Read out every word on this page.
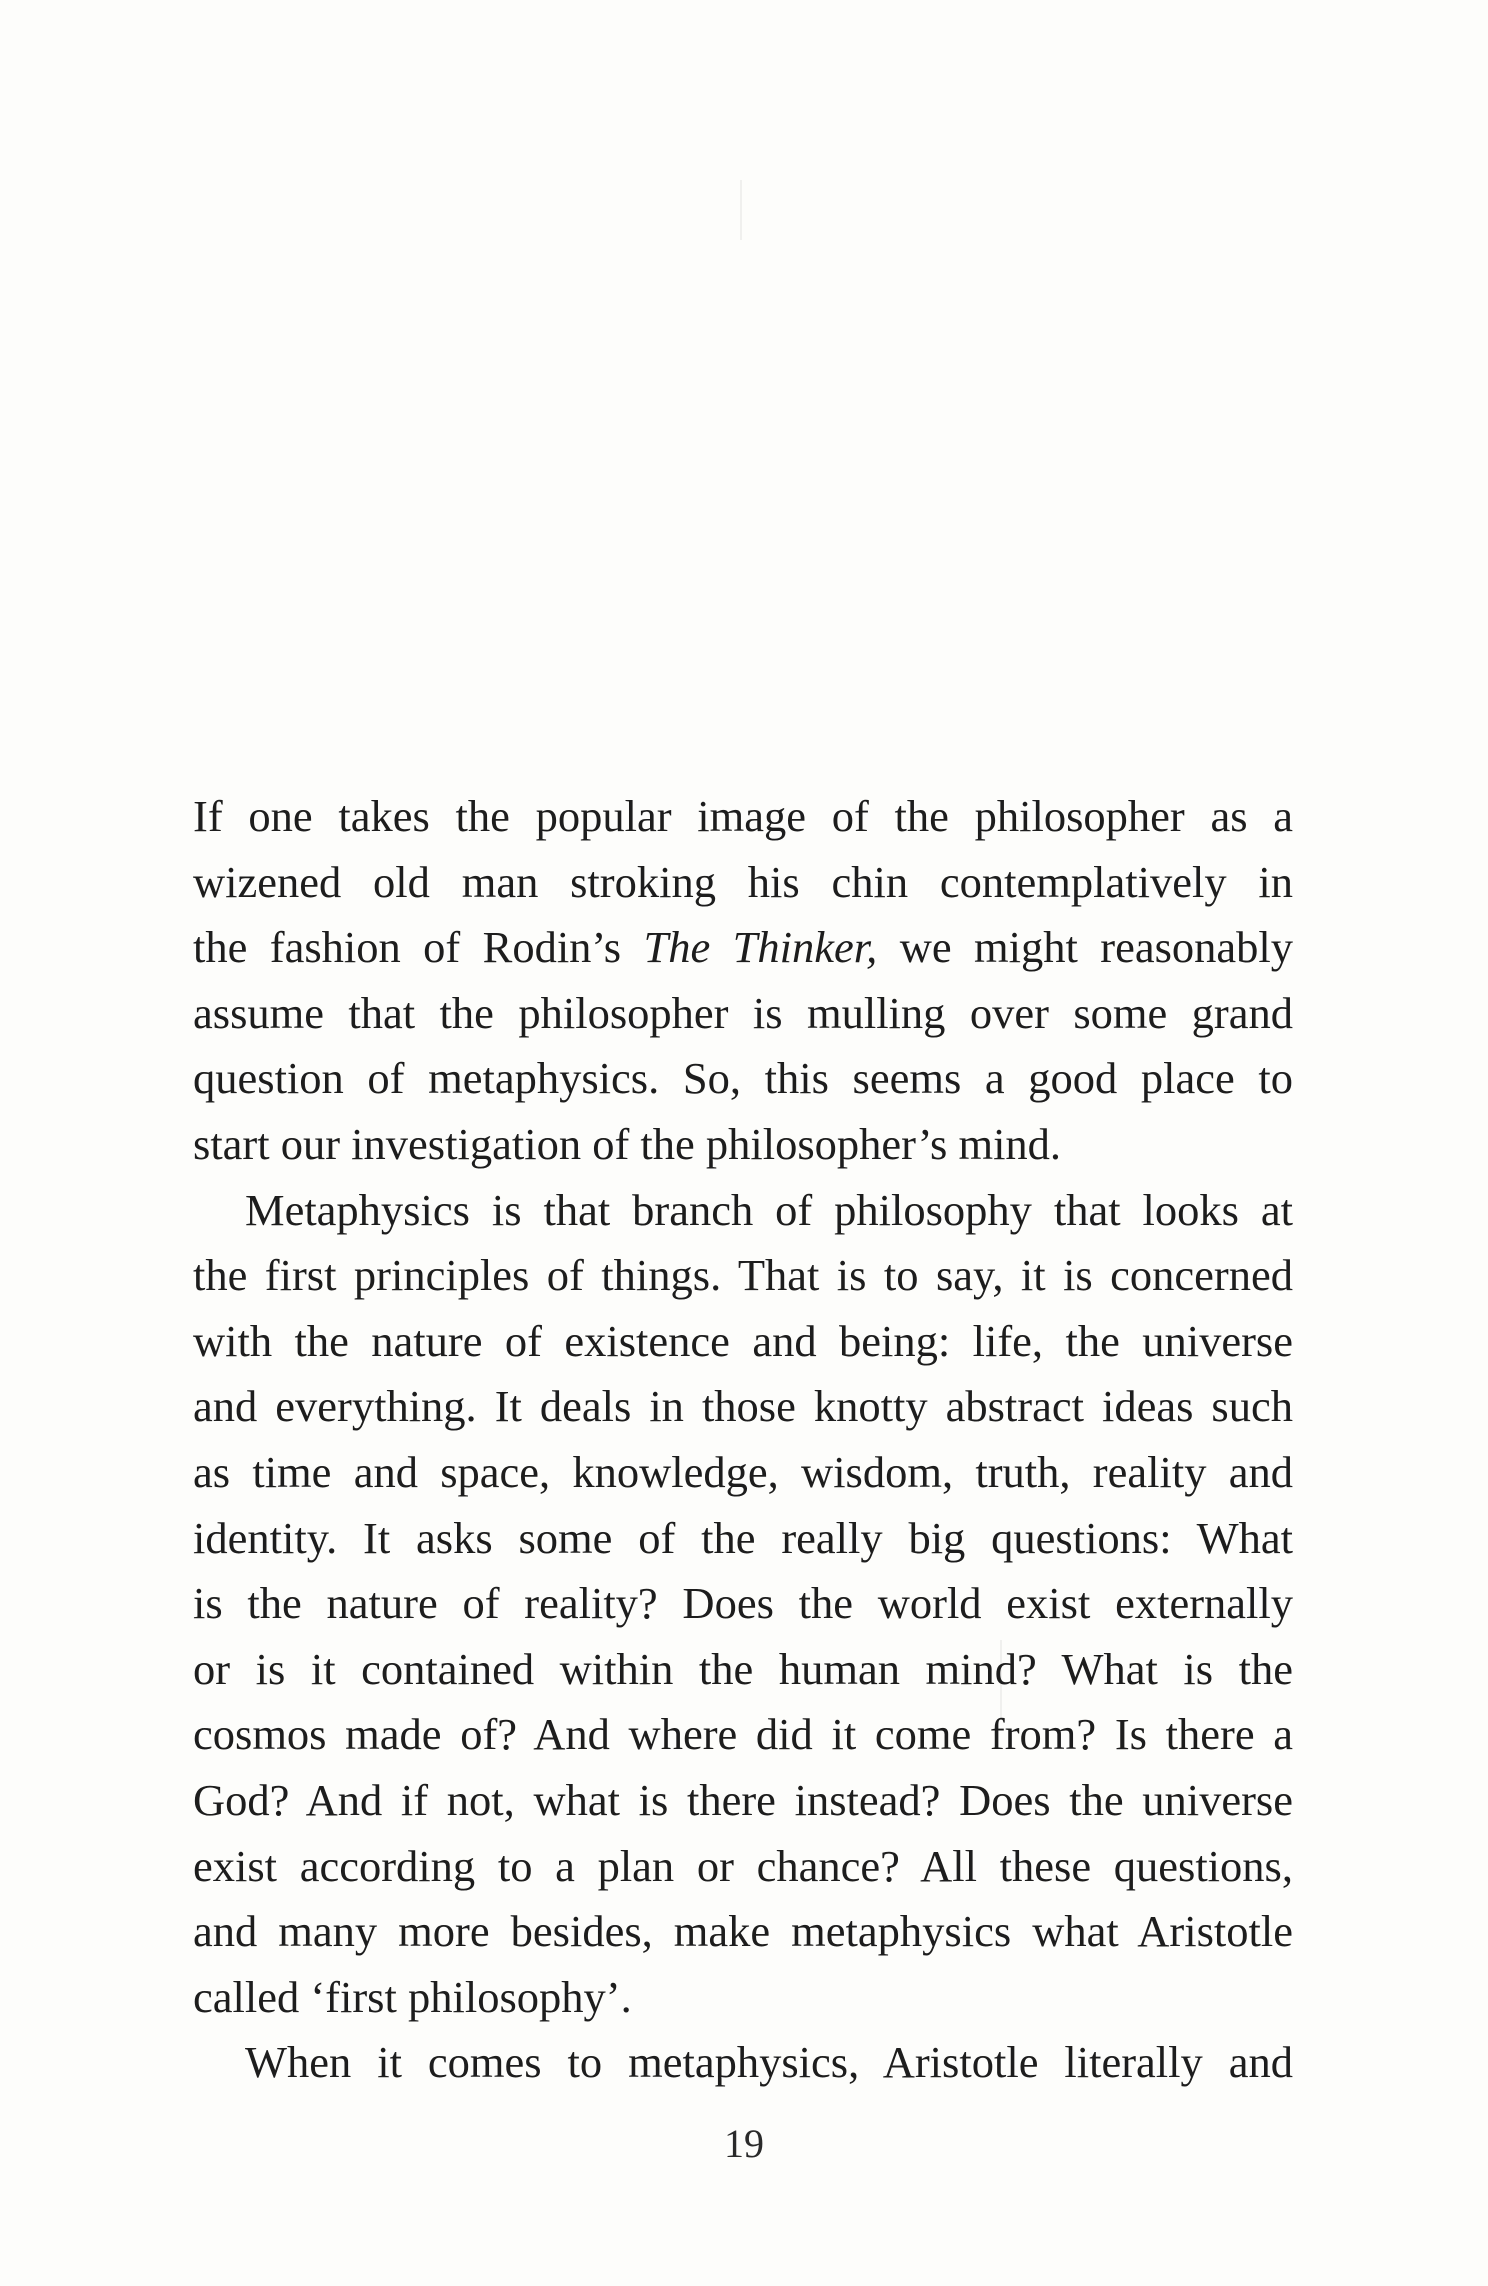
If one takes the popular image of the philosopher as a
wizened old man stroking his chin contemplatively in
the fashion of Rodin’s The Thinker, we might reasonably
assume that the philosopher is mulling over some grand
question of metaphysics. So, this seems a good place to
start our investigation of the philosopher’s mind.

Metaphysics is that branch of philosophy that looks at
the first principles of things. That is to say, it is concerned
with the nature of existence and being: life, the universe
and everything. It deals in those knotty abstract ideas such
as time and space, knowledge, wisdom, truth, reality and
identity. It asks some of the really big questions: What
is the nature of reality? Does the world exist externally
or is it contained within the human mind? What is the
cosmos made of? And where did it come from? Is there a
God? And if not, what is there instead? Does the universe
exist according to a plan or chance? All these questions,
and many more besides, make metaphysics what Aristotle
called ‘first philosophy’.

When it comes to metaphysics, Aristotle literally and

19
